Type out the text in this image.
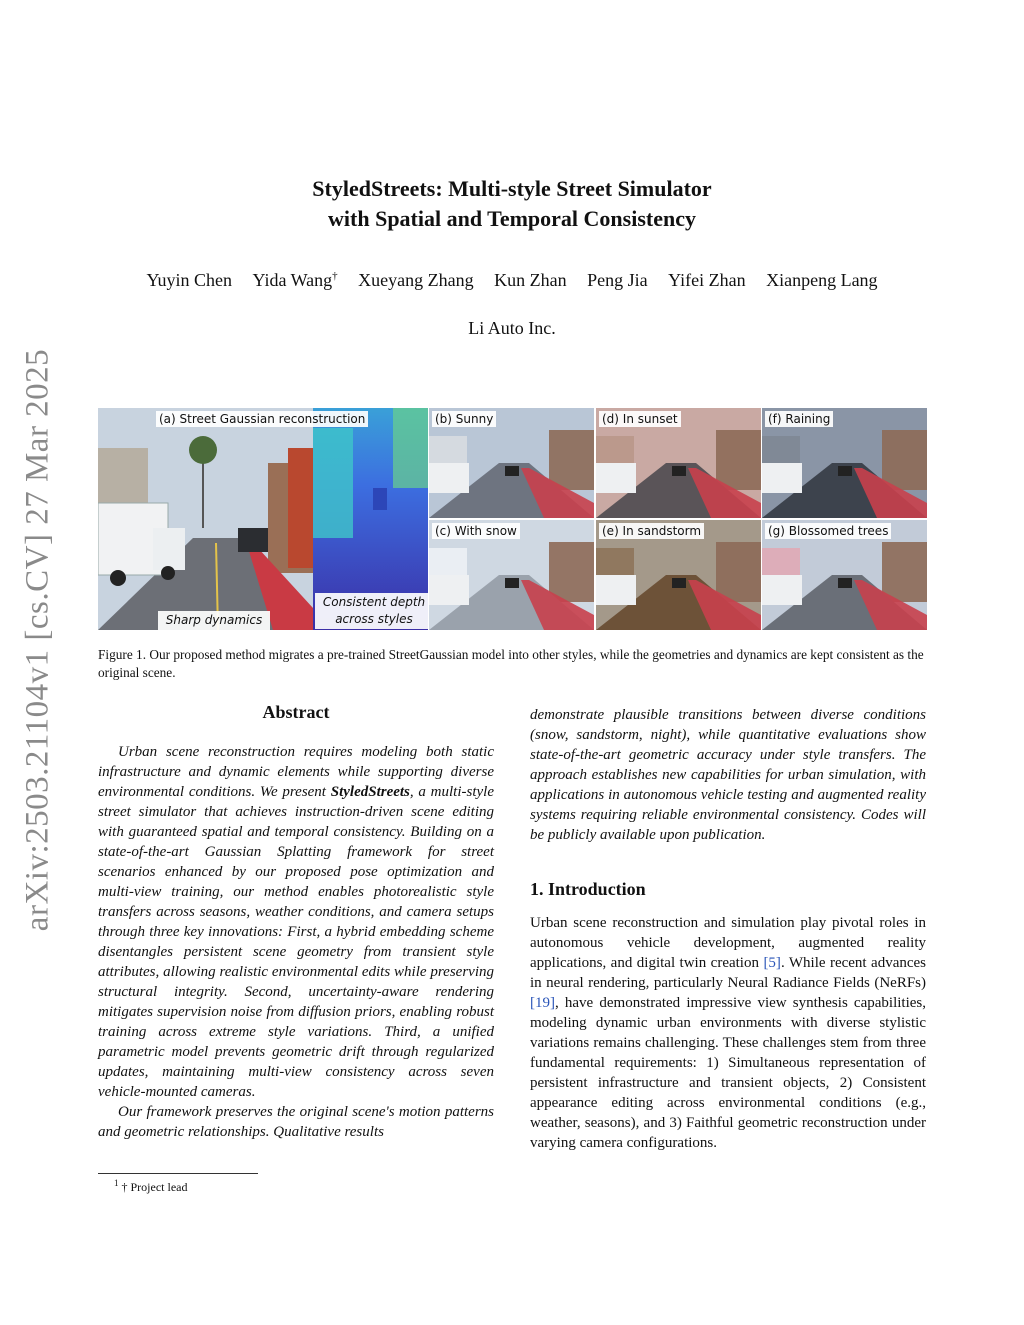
arXiv:2503.21104v1 [cs.CV] 27 Mar 2025
StyledStreets: Multi-style Street Simulator
with Spatial and Temporal Consistency
Yuyin Chen Yida Wang† Xueyang Zhang Kun Zhan Peng Jia Yifei Zhan Xianpeng Lang
Li Auto Inc.
(a) Street Gaussian reconstruction
Sharp dynamics
Consistent depth
across styles
(b) Sunny	(d) In sunset	(f) Raining
(c) With snow	(e) In sandstorm	(g) Blossomed trees
Figure 1. Our proposed method migrates a pre-trained StreetGaussian model into other styles, while the geometries and dynamics are kept consistent as the original scene.

Abstract

Urban scene reconstruction requires modeling both static infrastructure and dynamic elements while supporting diverse environmental conditions. We present StyledStreets, a multi-style street simulator that achieves instruction-driven scene editing with guaranteed spatial and temporal consistency. Building on a state-of-the-art Gaussian Splatting framework for street scenarios enhanced by our proposed pose optimization and multi-view training, our method enables photorealistic style transfers across seasons, weather conditions, and camera setups through three key innovations: First, a hybrid embedding scheme disentangles persistent scene geometry from transient style attributes, allowing realistic environmental edits while preserving structural integrity. Second, uncertainty-aware rendering mitigates supervision noise from diffusion priors, enabling robust training across extreme style variations. Third, a unified parametric model prevents geometric drift through regularized updates, maintaining multi-view consistency across seven vehicle-mounted cameras.

Our framework preserves the original scene's motion patterns and geometric relationships. Qualitative results

demonstrate plausible transitions between diverse conditions (snow, sandstorm, night), while quantitative evaluations show state-of-the-art geometric accuracy under style transfers. The approach establishes new capabilities for urban simulation, with applications in autonomous vehicle testing and augmented reality systems requiring reliable environmental consistency. Codes will be publicly available upon publication.

1. Introduction

Urban scene reconstruction and simulation play pivotal roles in autonomous vehicle development, augmented reality applications, and digital twin creation [5]. While recent advances in neural rendering, particularly Neural Radiance Fields (NeRFs) [19], have demonstrated impressive view synthesis capabilities, modeling dynamic urban environments with diverse stylistic variations remains challenging. These challenges stem from three fundamental requirements: 1) Simultaneous representation of persistent infrastructure and transient objects, 2) Consistent appearance editing across environmental conditions (e.g., weather, seasons), and 3) Faithful geometric reconstruction under varying camera configurations.

$^1$ † Project lead
